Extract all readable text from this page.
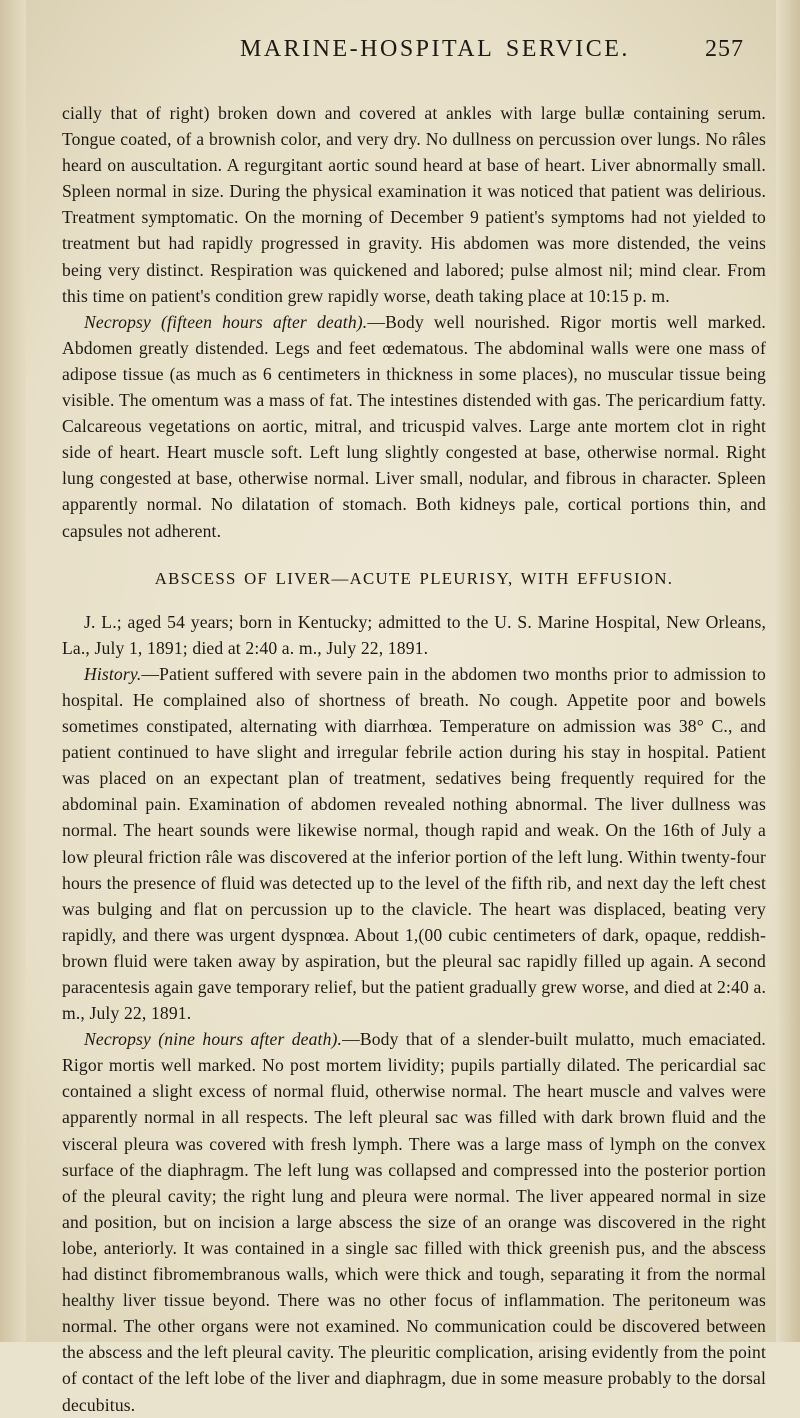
MARINE-HOSPITAL SERVICE.	257

cially that of right) broken down and covered at ankles with large bullæ containing serum. Tongue coated, of a brownish color, and very dry. No dullness on percussion over lungs. No râles heard on auscultation. A regurgitant aortic sound heard at base of heart. Liver abnormally small. Spleen normal in size. During the physical examination it was noticed that patient was delirious. Treatment symptomatic. On the morning of December 9 patient's symptoms had not yielded to treatment but had rapidly progressed in gravity. His abdomen was more distended, the veins being very distinct. Respiration was quickened and labored; pulse almost nil; mind clear. From this time on patient's condition grew rapidly worse, death taking place at 10:15 p. m.

Necropsy (fifteen hours after death).—Body well nourished. Rigor mortis well marked. Abdomen greatly distended. Legs and feet œdematous. The abdominal walls were one mass of adipose tissue (as much as 6 centimeters in thickness in some places), no muscular tissue being visible. The omentum was a mass of fat. The intestines distended with gas. The pericardium fatty. Calcareous vegetations on aortic, mitral, and tricuspid valves. Large ante mortem clot in right side of heart. Heart muscle soft. Left lung slightly congested at base, otherwise normal. Right lung congested at base, otherwise normal. Liver small, nodular, and fibrous in character. Spleen apparently normal. No dilatation of stomach. Both kidneys pale, cortical portions thin, and capsules not adherent.

ABSCESS OF LIVER—ACUTE PLEURISY, WITH EFFUSION.

J. L.; aged 54 years; born in Kentucky; admitted to the U. S. Marine Hospital, New Orleans, La., July 1, 1891; died at 2:40 a. m., July 22, 1891.

History.—Patient suffered with severe pain in the abdomen two months prior to admission to hospital. He complained also of shortness of breath. No cough. Appetite poor and bowels sometimes constipated, alternating with diarrhœa. Temperature on admission was 38° C., and patient continued to have slight and irregular febrile action during his stay in hospital. Patient was placed on an expectant plan of treatment, sedatives being frequently required for the abdominal pain. Examination of abdomen revealed nothing abnormal. The liver dullness was normal. The heart sounds were likewise normal, though rapid and weak. On the 16th of July a low pleural friction râle was discovered at the inferior portion of the left lung. Within twenty-four hours the presence of fluid was detected up to the level of the fifth rib, and next day the left chest was bulging and flat on percussion up to the clavicle. The heart was displaced, beating very rapidly, and there was urgent dyspnœa. About 1,(00 cubic centimeters of dark, opaque, reddish-brown fluid were taken away by aspiration, but the pleural sac rapidly filled up again. A second paracentesis again gave temporary relief, but the patient gradually grew worse, and died at 2:40 a. m., July 22, 1891.

Necropsy (nine hours after death).—Body that of a slender-built mulatto, much emaciated. Rigor mortis well marked. No post mortem lividity; pupils partially dilated. The pericardial sac contained a slight excess of normal fluid, otherwise normal. The heart muscle and valves were apparently normal in all respects. The left pleural sac was filled with dark brown fluid and the visceral pleura was covered with fresh lymph. There was a large mass of lymph on the convex surface of the diaphragm. The left lung was collapsed and compressed into the posterior portion of the pleural cavity; the right lung and pleura were normal. The liver appeared normal in size and position, but on incision a large abscess the size of an orange was discovered in the right lobe, anteriorly. It was contained in a single sac filled with thick greenish pus, and the abscess had distinct fibromembranous walls, which were thick and tough, separating it from the normal healthy liver tissue beyond. There was no other focus of inflammation. The peritoneum was normal. The other organs were not examined. No communication could be discovered between the abscess and the left pleural cavity. The pleuritic complication, arising evidently from the point of contact of the left lobe of the liver and diaphragm, due in some measure probably to the dorsal decubitus.
